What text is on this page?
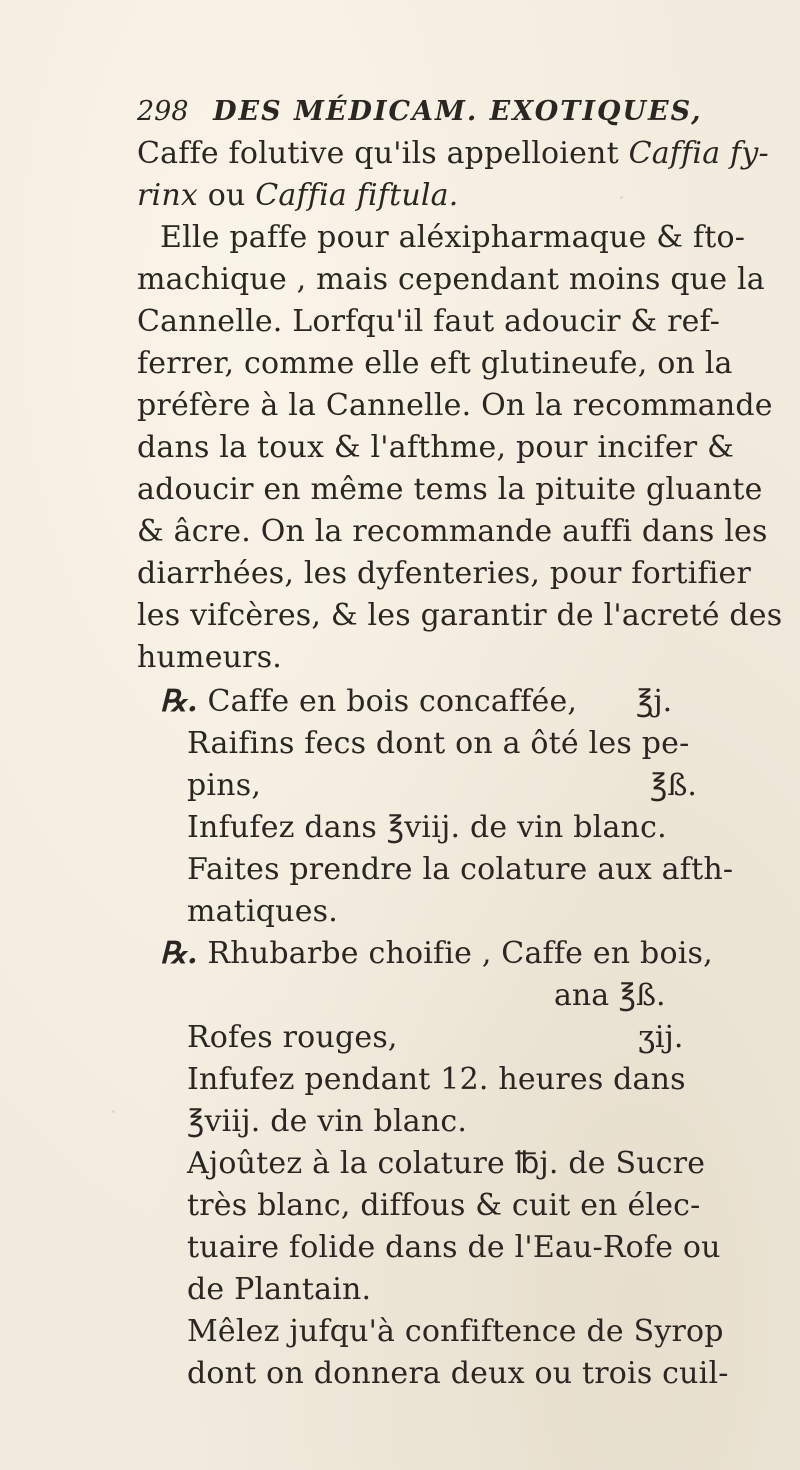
298 DES MÉDICAM. EXOTIQUES,
Caffe folutive qu'ils appelloient Caffia fy-
rinx ou Caffia fiftula.
Elle paffe pour aléxipharmaque & fto-
machique , mais cependant moins que la
Cannelle. Lorfqu'il faut adoucir & ref-
ferrer, comme elle eft glutineufe, on la
préfère à la Cannelle. On la recommande
dans la toux & l'afthme, pour incifer &
adoucir en même tems la pituite gluante
& âcre. On la recommande auffi dans les
diarrhées, les dyfenteries, pour fortifier
les vifcères, & les garantir de l'acreté des
humeurs.
℞. Caffe en bois concaffée, ℥j.
Raifins fecs dont on a ôté les pe-
pins,	℥ß.
Infufez dans ℥viij. de vin blanc.
Faites prendre la colature aux afth-
matiques.
℞. Rhubarbe choifie , Caffe en bois,
ana ℥ß.
Rofes rouges,	ʒij.
Infufez pendant 12. heures dans
℥viij. de vin blanc.
Ajoûtez à la colature ℔j. de Sucre
très blanc, diffous & cuit en élec-
tuaire folide dans de l'Eau-Rofe ou
de Plantain.
Mêlez jufqu'à confiftence de Syrop
dont on donnera deux ou trois cuil-
